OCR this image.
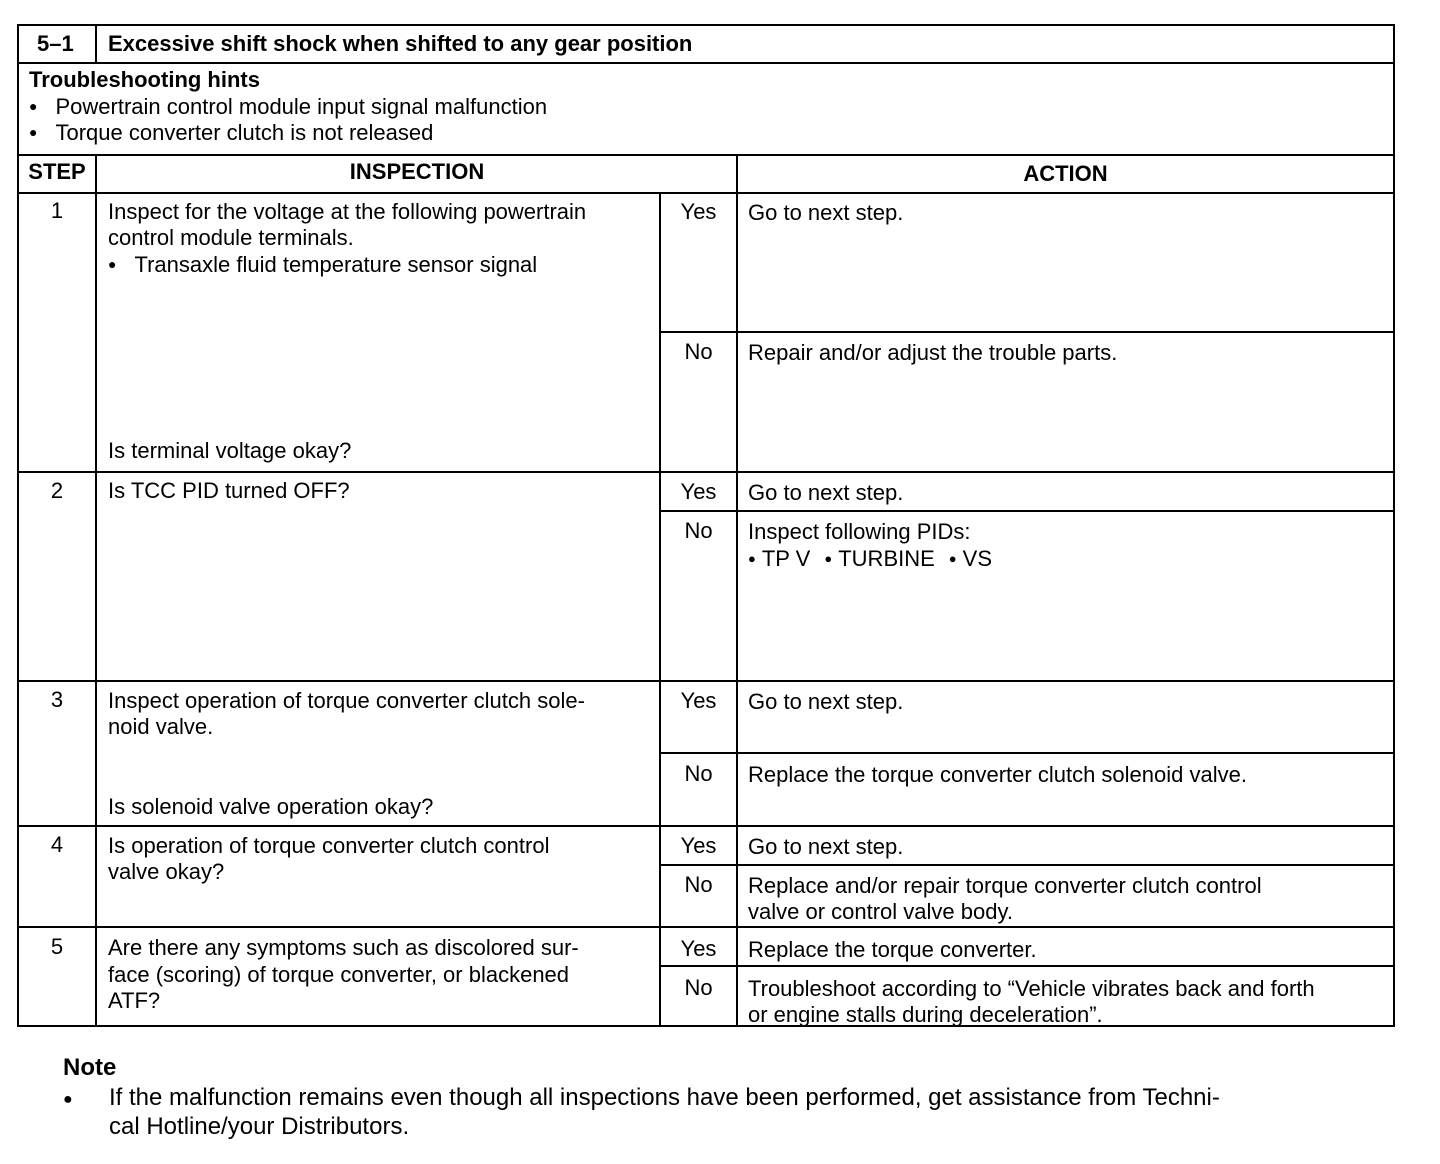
5–1 Excessive shift shock when shifted to any gear position
Troubleshooting hints
● Powertrain control module input signal malfunction
● Torque converter clutch is not released
STEP	INSPECTION	ACTION
1	Inspect for the voltage at the following powertrain
control module terminals.
● Transaxle fluid temperature sensor signal
Is terminal voltage okay?
Yes	Go to next step.
No	Repair and/or adjust the trouble parts.
2	Is TCC PID turned OFF?	Yes	Go to next step.
No	Inspect following PIDs:
● TP V ● TURBINE ● VS
3	Inspect operation of torque converter clutch sole-
noid valve.
Is solenoid valve operation okay?
Yes	Go to next step.
No	Replace the torque converter clutch solenoid valve.
4	Is operation of torque converter clutch control
valve okay?
Yes	Go to next step.
No	Replace and/or repair torque converter clutch control
valve or control valve body.
5	Are there any symptoms such as discolored sur-
face (scoring) of torque converter, or blackened
ATF?
Yes	Replace the torque converter.
No	Troubleshoot according to “Vehicle vibrates back and forth
or engine stalls during deceleration”.
Note
● If the malfunction remains even though all inspections have been performed, get assistance from Techni-
cal Hotline/your Distributors.
